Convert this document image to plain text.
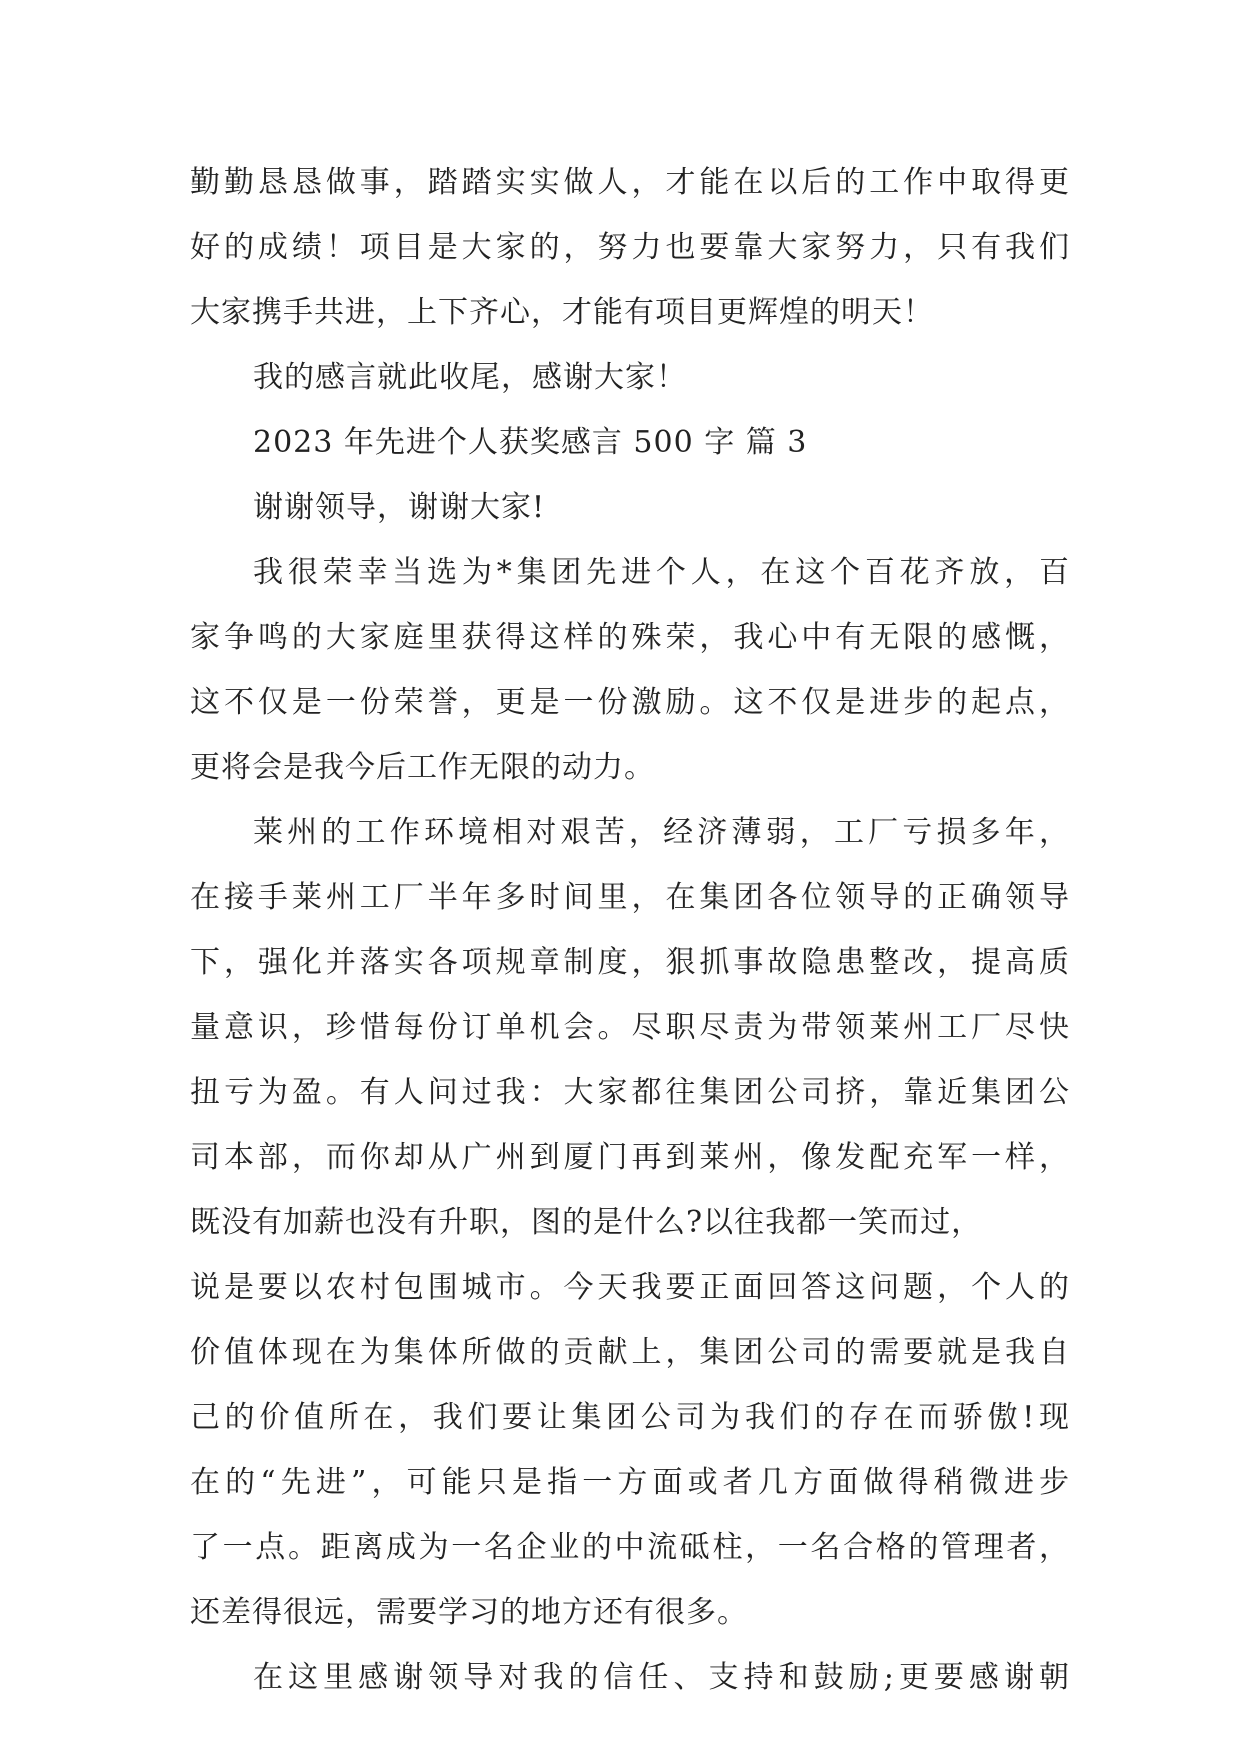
勤勤恳恳做事，踏踏实实做人，才能在以后的工作中取得更
好的成绩！项目是大家的，努力也要靠大家努力，只有我们
大家携手共进，上下齐心，才能有项目更辉煌的明天！
我的感言就此收尾，感谢大家！
2023 年先进个人获奖感言 500 字 篇 3
谢谢领导，谢谢大家!
我很荣幸当选为*集团先进个人，在这个百花齐放，百
家争鸣的大家庭里获得这样的殊荣，我心中有无限的感慨，
这不仅是一份荣誉，更是一份激励。这不仅是进步的起点，
更将会是我今后工作无限的动力。
莱州的工作环境相对艰苦，经济薄弱，工厂亏损多年，
在接手莱州工厂半年多时间里，在集团各位领导的正确领导
下，强化并落实各项规章制度，狠抓事故隐患整改，提高质
量意识，珍惜每份订单机会。尽职尽责为带领莱州工厂尽快
扭亏为盈。有人问过我：大家都往集团公司挤，靠近集团公
司本部，而你却从广州到厦门再到莱州，像发配充军一样，
既没有加薪也没有升职，图的是什么?以往我都一笑而过，
说是要以农村包围城市。今天我要正面回答这问题，个人的
价值体现在为集体所做的贡献上，集团公司的需要就是我自
己的价值所在，我们要让集团公司为我们的存在而骄傲!现
在的“先进”，可能只是指一方面或者几方面做得稍微进步
了一点。距离成为一名企业的中流砥柱，一名合格的管理者，
还差得很远，需要学习的地方还有很多。
在这里感谢领导对我的信任、支持和鼓励;更要感谢朝
